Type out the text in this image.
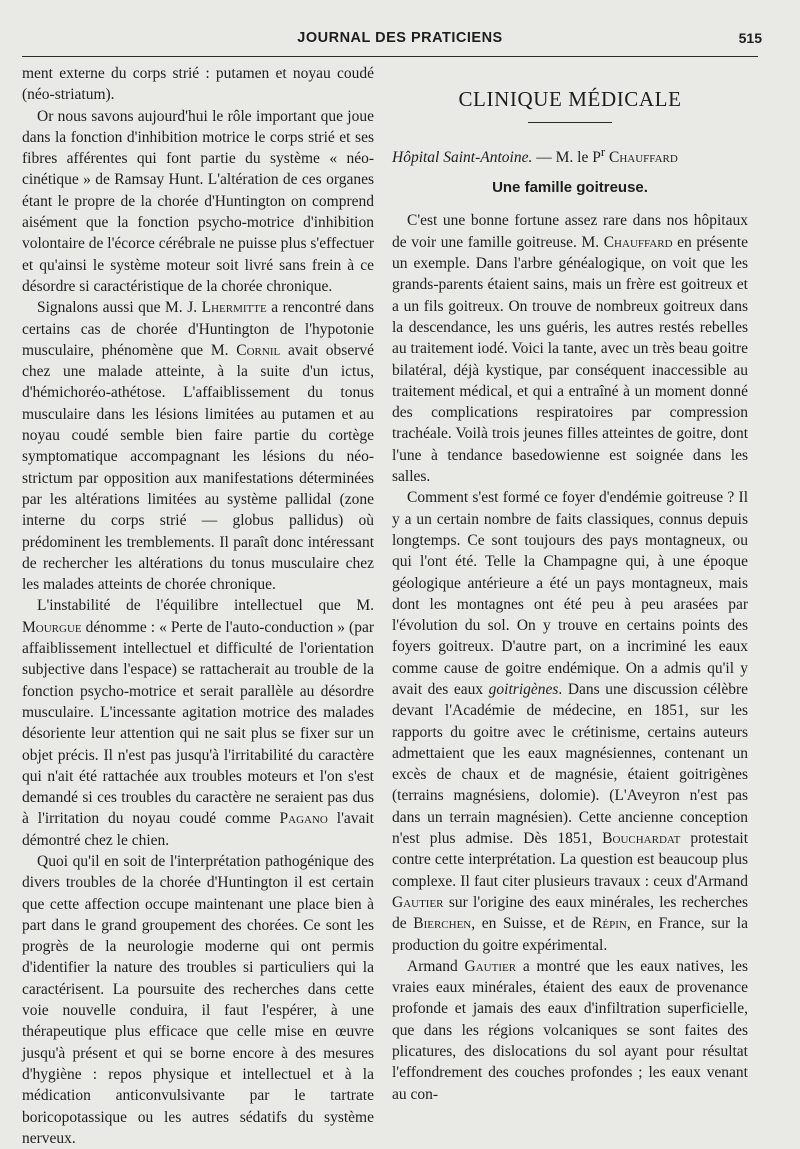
JOURNAL DES PRATICIENS	515

ment externe du corps strié : putamen et noyau coudé (néo-striatum).

Or nous savons aujourd'hui le rôle important que joue dans la fonction d'inhibition motrice le corps strié et ses fibres afférentes qui font partie du système « néo-cinétique » de Ramsay Hunt. L'altération de ces organes étant le propre de la chorée d'Huntington on comprend aisément que la fonction psycho-motrice d'inhibition volontaire de l'écorce cérébrale ne puisse plus s'effectuer et qu'ainsi le système moteur soit livré sans frein à ce désordre si caractéristique de la chorée chronique.

Signalons aussi que M. J. Lhermitte a rencontré dans certains cas de chorée d'Huntington de l'hypotonie musculaire, phénomène que M. Cornil avait observé chez une malade atteinte, à la suite d'un ictus, d'hémichoréo-athétose. L'affaiblissement du tonus musculaire dans les lésions limitées au putamen et au noyau coudé semble bien faire partie du cortège symptomatique accompagnant les lésions du néo-strictum par opposition aux manifestations déterminées par les altérations limitées au système pallidal (zone interne du corps strié — globus pallidus) où prédominent les tremblements. Il paraît donc intéressant de rechercher les altérations du tonus musculaire chez les malades atteints de chorée chronique.

L'instabilité de l'équilibre intellectuel que M. Mourgue dénomme : « Perte de l'auto-conduction » (par affaiblissement intellectuel et difficulté de l'orientation subjective dans l'espace) se rattacherait au trouble de la fonction psycho-motrice et serait parallèle au désordre musculaire. L'incessante agitation motrice des malades désoriente leur attention qui ne sait plus se fixer sur un objet précis. Il n'est pas jusqu'à l'irritabilité du caractère qui n'ait été rattachée aux troubles moteurs et l'on s'est demandé si ces troubles du caractère ne seraient pas dus à l'irritation du noyau coudé comme Pagano l'avait démontré chez le chien.

Quoi qu'il en soit de l'interprétation pathogénique des divers troubles de la chorée d'Huntington il est certain que cette affection occupe maintenant une place bien à part dans le grand groupement des chorées. Ce sont les progrès de la neurologie moderne qui ont permis d'identifier la nature des troubles si particuliers qui la caractérisent. La poursuite des recherches dans cette voie nouvelle conduira, il faut l'espérer, à une thérapeutique plus efficace que celle mise en œuvre jusqu'à présent et qui se borne encore à des mesures d'hygiène : repos physique et intellectuel et à la médication anticonvulsivante par le tartrate boricopotassique ou les autres sédatifs du système nerveux.

CLINIQUE MÉDICALE
Hôpital Saint-Antoine. — M. le $P^r$ Chauffard
Une famille goitreuse.

C'est une bonne fortune assez rare dans nos hôpitaux de voir une famille goitreuse. M. Chauffard en présente un exemple. Dans l'arbre généalogique, on voit que les grands-parents étaient sains, mais un frère est goitreux et a un fils goitreux. On trouve de nombreux goitreux dans la descendance, les uns guéris, les autres restés rebelles au traitement iodé. Voici la tante, avec un très beau goitre bilatéral, déjà kystique, par conséquent inaccessible au traitement médical, et qui a entraîné à un moment donné des complications respiratoires par compression trachéale. Voilà trois jeunes filles atteintes de goitre, dont l'une à tendance basedowienne est soignée dans les salles.

Comment s'est formé ce foyer d'endémie goitreuse ? Il y a un certain nombre de faits classiques, connus depuis longtemps. Ce sont toujours des pays montagneux, ou qui l'ont été. Telle la Champagne qui, à une époque géologique antérieure a été un pays montagneux, mais dont les montagnes ont été peu à peu arasées par l'évolution du sol. On y trouve en certains points des foyers goitreux. D'autre part, on a incriminé les eaux comme cause de goitre endémique. On a admis qu'il y avait des eaux goitrigènes. Dans une discussion célèbre devant l'Académie de médecine, en 1851, sur les rapports du goitre avec le crétinisme, certains auteurs admettaient que les eaux magnésiennes, contenant un excès de chaux et de magnésie, étaient goitrigènes (terrains magnésiens, dolomie). (L'Aveyron n'est pas dans un terrain magnésien). Cette ancienne conception n'est plus admise. Dès 1851, Bouchardat protestait contre cette interprétation. La question est beaucoup plus complexe. Il faut citer plusieurs travaux : ceux d'Armand Gautier sur l'origine des eaux minérales, les recherches de Bierchen, en Suisse, et de Répin, en France, sur la production du goitre expérimental.

Armand Gautier a montré que les eaux natives, les vraies eaux minérales, étaient des eaux de provenance profonde et jamais des eaux d'infiltration superficielle, que dans les régions volcaniques se sont faites des plicatures, des dislocations du sol ayant pour résultat l'effondrement des couches profondes ; les eaux venant au con-
